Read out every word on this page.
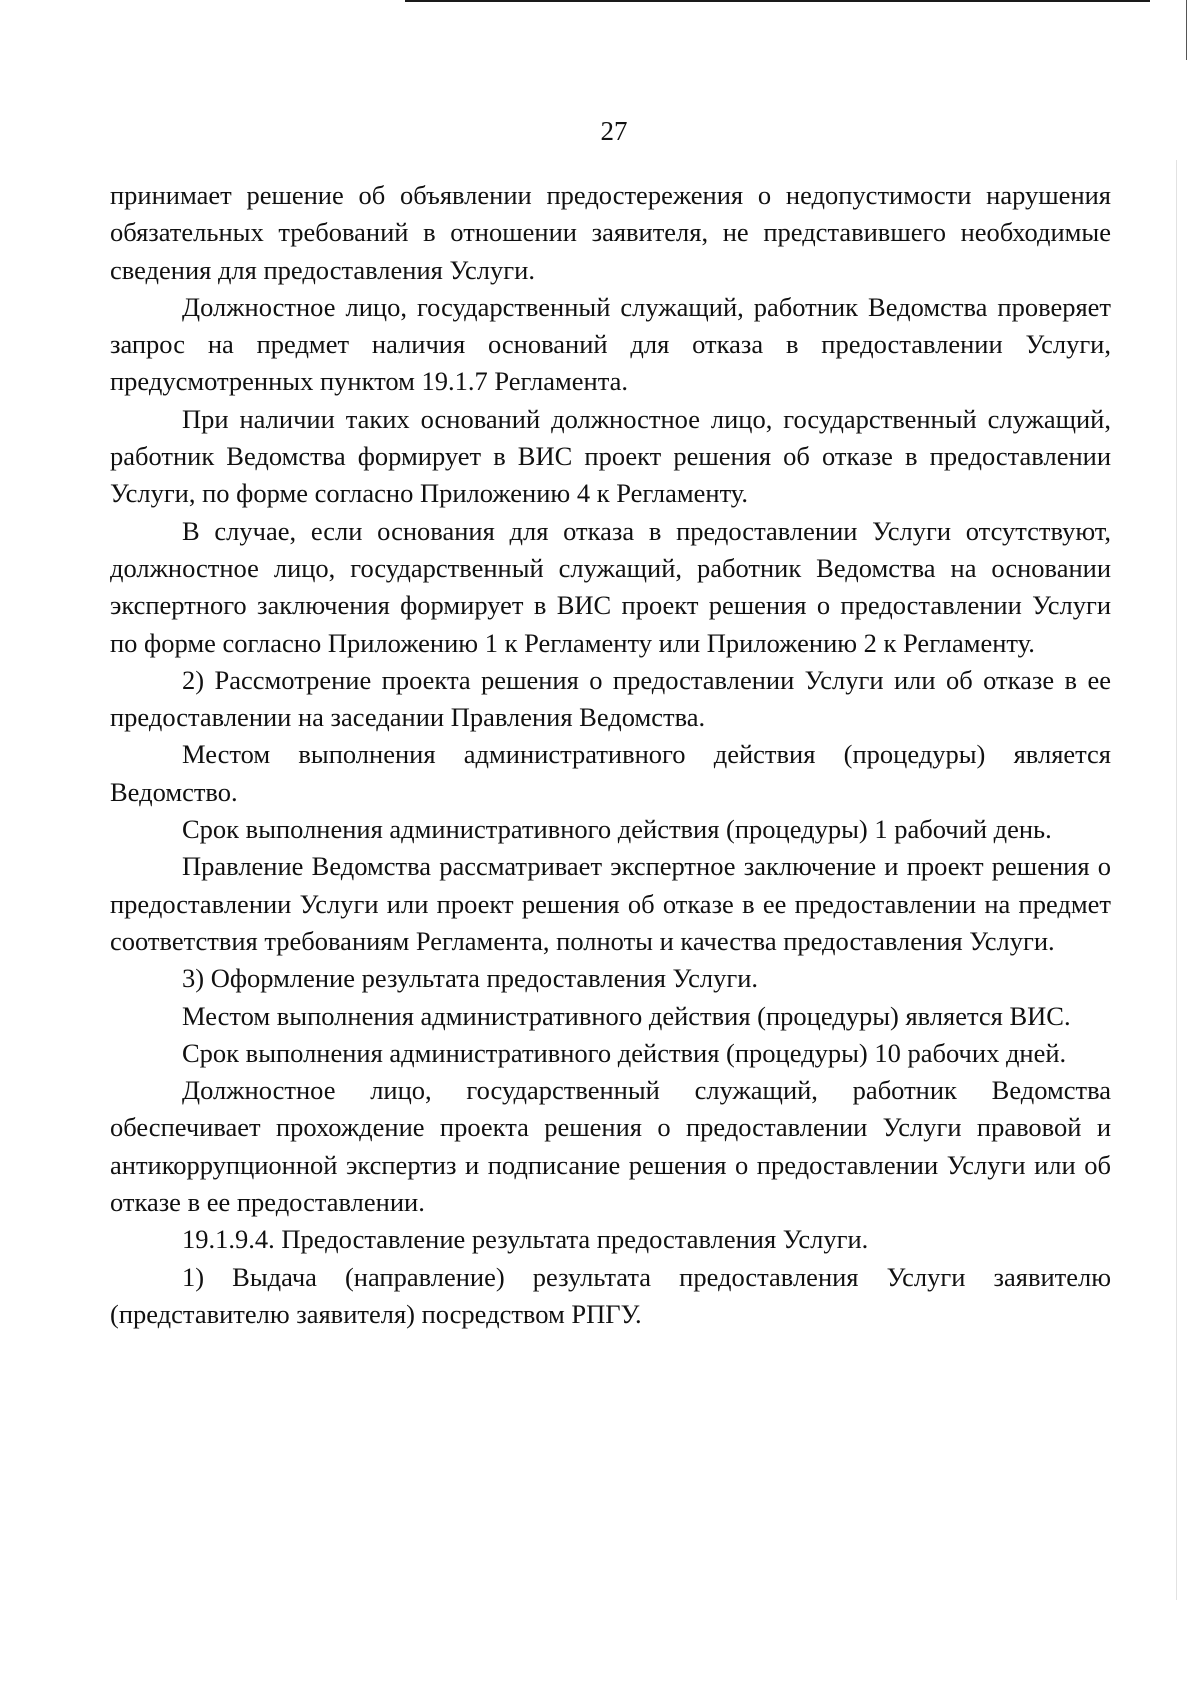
27

принимает решение об объявлении предостережения о недопустимости нарушения обязательных требований в отношении заявителя, не представившего необходимые сведения для предоставления Услуги.

Должностное лицо, государственный служащий, работник Ведомства проверяет запрос на предмет наличия оснований для отказа в предоставлении Услуги, предусмотренных пунктом 19.1.7 Регламента.

При наличии таких оснований должностное лицо, государственный служащий, работник Ведомства формирует в ВИС проект решения об отказе в предоставлении Услуги, по форме согласно Приложению 4 к Регламенту.

В случае, если основания для отказа в предоставлении Услуги отсутствуют, должностное лицо, государственный служащий, работник Ведомства на основании экспертного заключения формирует в ВИС проект решения о предоставлении Услуги по форме согласно Приложению 1 к Регламенту или Приложению 2 к Регламенту.

2) Рассмотрение проекта решения о предоставлении Услуги или об отказе в ее предоставлении на заседании Правления Ведомства.

Местом выполнения административного действия (процедуры) является Ведомство.

Срок выполнения административного действия (процедуры) 1 рабочий день.

Правление Ведомства рассматривает экспертное заключение и проект решения о предоставлении Услуги или проект решения об отказе в ее предоставлении на предмет соответствия требованиям Регламента, полноты и качества предоставления Услуги.

3) Оформление результата предоставления Услуги.

Местом выполнения административного действия (процедуры) является ВИС.

Срок выполнения административного действия (процедуры) 10 рабочих дней.

Должностное лицо, государственный служащий, работник Ведомства обеспечивает прохождение проекта решения о предоставлении Услуги правовой и антикоррупционной экспертиз и подписание решения о предоставлении Услуги или об отказе в ее предоставлении.

19.1.9.4. Предоставление результата предоставления Услуги.

1) Выдача (направление) результата предоставления Услуги заявителю (представителю заявителя) посредством РПГУ.
